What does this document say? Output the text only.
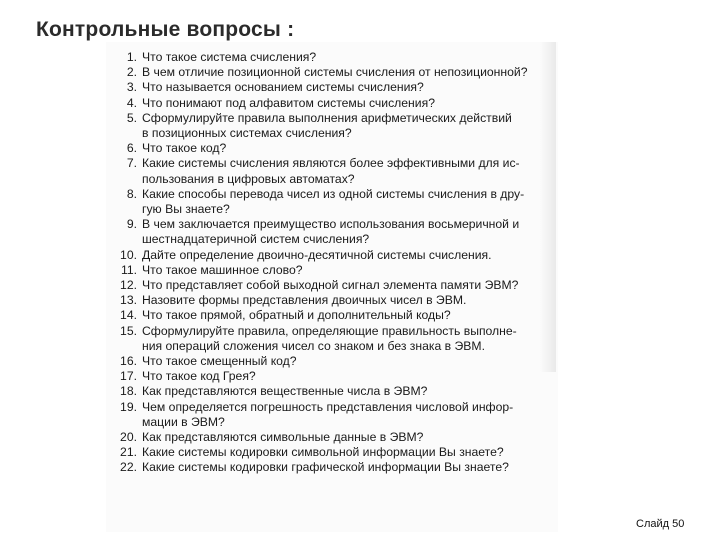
Контрольные вопросы :
1. Что такое система счисления?
2. В чем отличие позиционной системы счисления от непозиционной?
3. Что называется основанием системы счисления?
4. Что понимают под алфавитом системы счисления?
5. Сформулируйте правила выполнения арифметических действий
в позиционных системах счисления?
6. Что такое код?
7. Какие системы счисления являются более эффективными для ис-
пользования в цифровых автоматах?
8. Какие способы перевода чисел из одной системы счисления в дру-
гую Вы знаете?
9. В чем заключается преимущество использования восьмеричной и
шестнадцатеричной систем счисления?
10. Дайте определение двоично-десятичной системы счисления.
11. Что такое машинное слово?
12. Что представляет собой выходной сигнал элемента памяти ЭВМ?
13. Назовите формы представления двоичных чисел в ЭВМ.
14. Что такое прямой, обратный и дополнительный коды?
15. Сформулируйте правила, определяющие правильность выполне-
ния операций сложения чисел со знаком и без знака в ЭВМ.
16. Что такое смещенный код?
17. Что такое код Грея?
18. Как представляются вещественные числа в ЭВМ?
19. Чем определяется погрешность представления числовой инфор-
мации в ЭВМ?
20. Как представляются символьные данные в ЭВМ?
21. Какие системы кодировки символьной информации Вы знаете?
22. Какие системы кодировки графической информации Вы знаете?
Слайд 50
